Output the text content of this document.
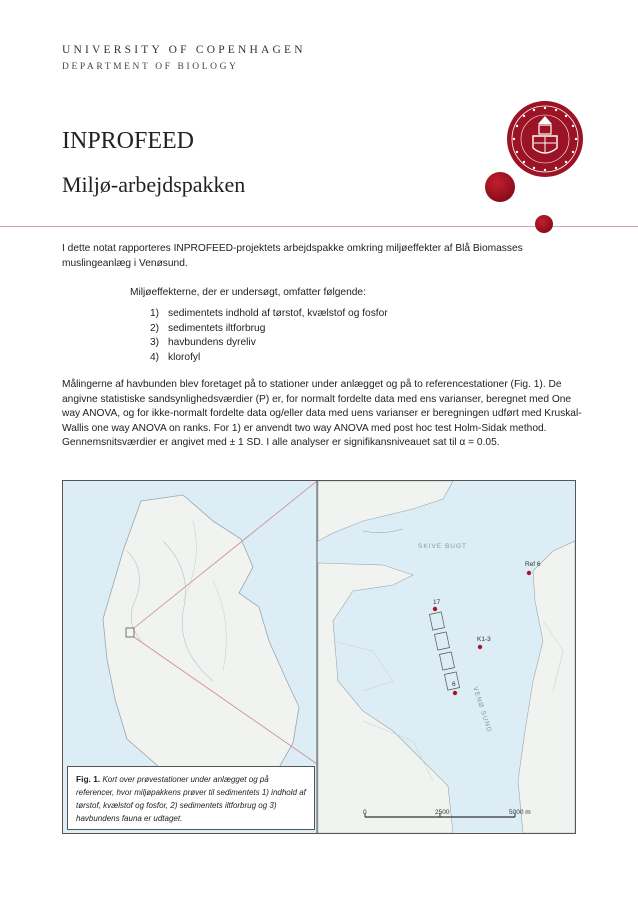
UNIVERSITY OF COPENHAGEN
DEPARTMENT OF BIOLOGY
INPROFEED
Miljø-arbejdspakken
I dette notat rapporteres INPROFEED-projektets arbejdspakke omkring miljøeffekter af Blå Biomasses muslingeanlæg i Venøsund.
Miljøeffekterne, der er undersøgt, omfatter følgende:
1) sedimentets indhold af tørstof, kvælstof og fosfor
2) sedimentets iltforbrug
3) havbundens dyreliv
4) klorofyl
Målingerne af havbunden blev foretaget på to stationer under anlægget og på to referencestationer (Fig. 1). De angivne statistiske sandsynlighedsværdier (P) er, for normalt fordelte data med ens varianser, beregnet med One way ANOVA, og for ikke-normalt fordelte data og/eller data med uens varianser er beregningen udført med Kruskal-Wallis one way ANOVA on ranks. For 1) er anvendt two way ANOVA med post hoc test Holm-Sidak method. Gennemsnitsværdier er angivet med ± 1 SD. I alle analyser er signifikansniveauet sat til α = 0.05.
Ref 6
17
K1-3
6
SKIVE BUGT
VENØ SUND
0	2500	5000 m
Fig. 1. Kort over prøvestationer under anlægget og på referencer, hvor miljøpakkens prøver til sedimentets 1) indhold af tørstof, kvælstof og fosfor, 2) sedimentets iltforbrug og 3) havbundens fauna er udtaget.
